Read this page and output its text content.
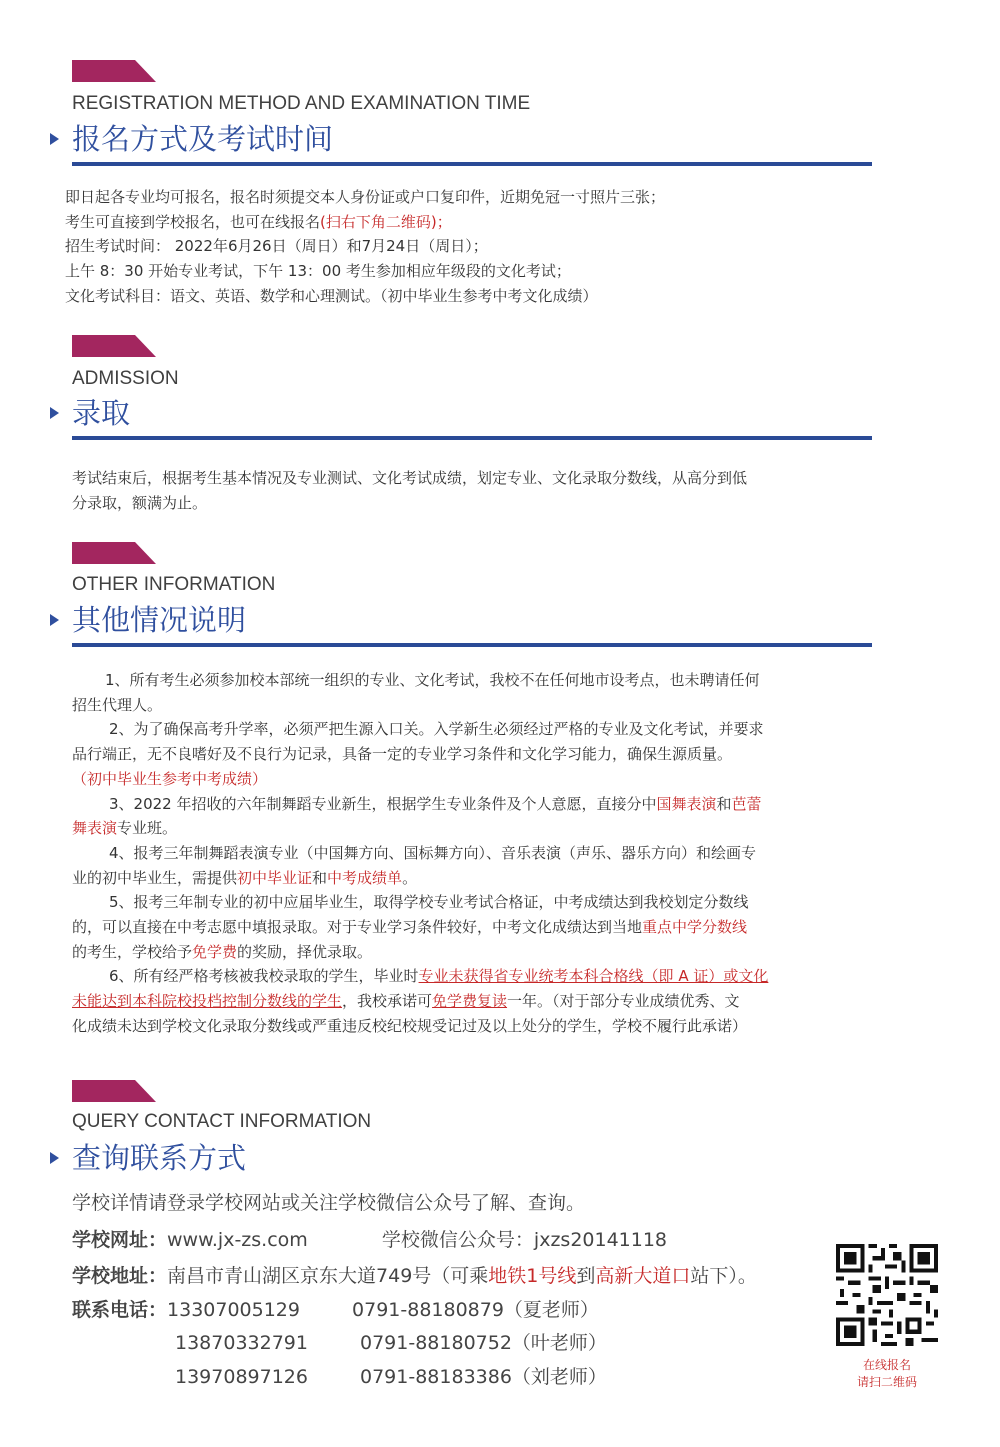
REGISTRATION METHOD AND EXAMINATION TIME
报名方式及考试时间
即日起各专业均可报名，报名时须提交本人身份证或户口复印件，近期免冠一寸照片三张；
考生可直接到学校报名，也可在线报名(扫右下角二维码)；
招生考试时间： 2022年6月26日（周日）和7月24日（周日）；
上午 8：30 开始专业考试，下午 13：00 考生参加相应年级段的文化考试；
文化考试科目：语文、英语、数学和心理测试。（初中毕业生参考中考文化成绩）
ADMISSION
录取
考试结束后，根据考生基本情况及专业测试、文化考试成绩，划定专业、文化录取分数线，从高分到低
分录取，额满为止。
OTHER INFORMATION
其他情况说明
1、所有考生必须参加校本部统一组织的专业、文化考试，我校不在任何地市设考点，也未聘请任何
招生代理人。
2、为了确保高考升学率，必须严把生源入口关。入学新生必须经过严格的专业及文化考试，并要求
品行端正，无不良嗜好及不良行为记录，具备一定的专业学习条件和文化学习能力，确保生源质量。
（初中毕业生参考中考成绩）
3、2022 年招收的六年制舞蹈专业新生，根据学生专业条件及个人意愿，直接分中国舞表演和芭蕾
舞表演专业班。
4、报考三年制舞蹈表演专业（中国舞方向、国标舞方向）、音乐表演（声乐、器乐方向）和绘画专
业的初中毕业生，需提供初中毕业证和中考成绩单。
5、报考三年制专业的初中应届毕业生，取得学校专业考试合格证，中考成绩达到我校划定分数线
的，可以直接在中考志愿中填报录取。对于专业学习条件较好，中考文化成绩达到当地重点中学分数线
的考生，学校给予免学费的奖励，择优录取。
6、所有经严格考核被我校录取的学生，毕业时专业未获得省专业统考本科合格线（即 A 证）或文化
未能达到本科院校投档控制分数线的学生，我校承诺可免学费复读一年。（对于部分专业成绩优秀、文
化成绩未达到学校文化录取分数线或严重违反校纪校规受记过及以上处分的学生，学校不履行此承诺）
QUERY CONTACT INFORMATION
查询联系方式
学校详情请登录学校网站或关注学校微信公众号了解、查询。
学校网址：www.jx-zs.com	学校微信公众号：jxzs20141118
学校地址：南昌市青山湖区京东大道749号（可乘地铁1号线到高新大道口站下）。
联系电话：13307005129	0791-88180879（夏老师）
13870332791	0791-88180752（叶老师）
13970897126	0791-88183386（刘老师）
在线报名
请扫二维码
